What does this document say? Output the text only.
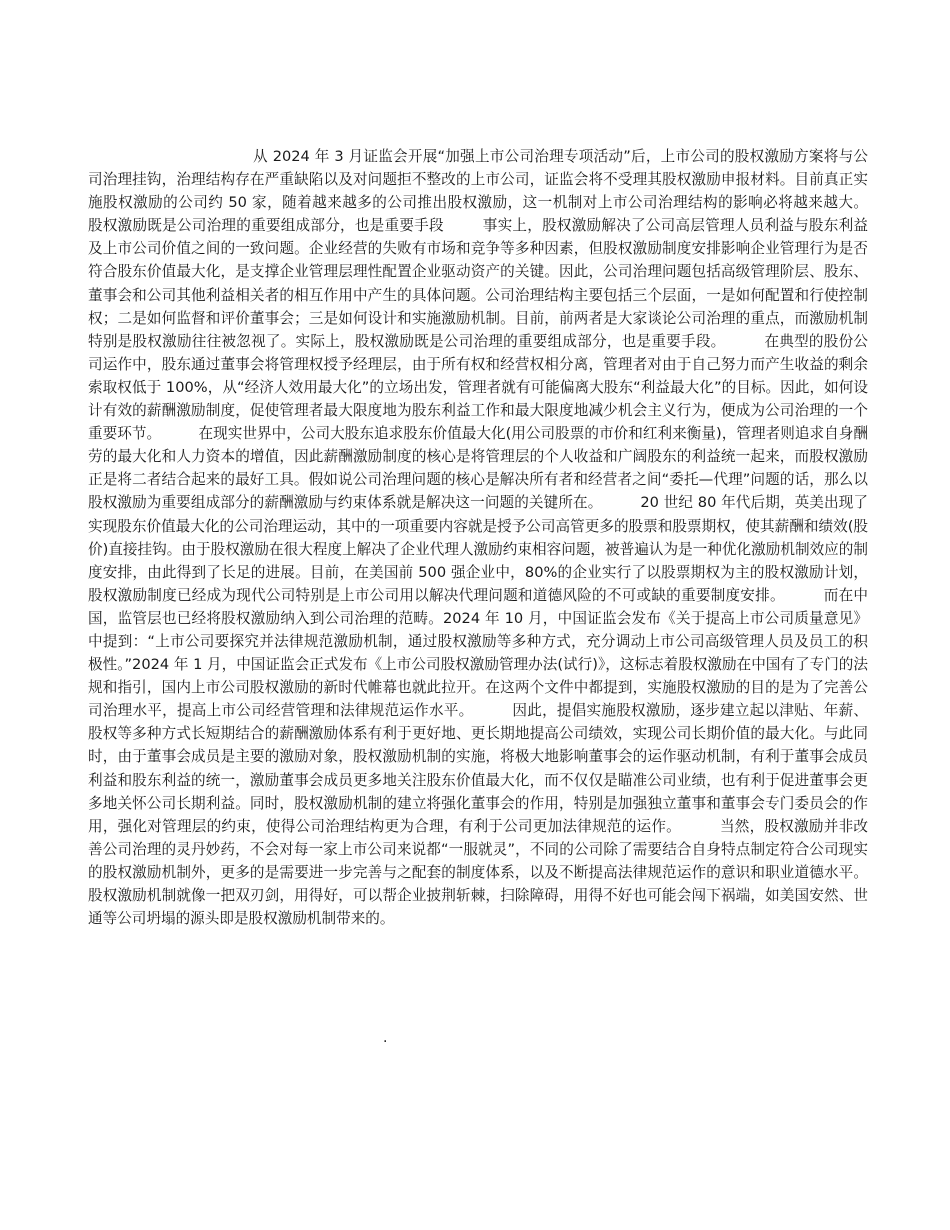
从 2024 年 3 月证监会开展“加强上市公司治理专项活动”后，上市公司的股权激励方案将与公司治理挂钩，治理结构存在严重缺陷以及对问题拒不整改的上市公司，证监会将不受理其股权激励申报材料。目前真正实施股权激励的公司约 50 家，随着越来越多的公司推出股权激励，这一机制对上市公司治理结构的影响必将越来越大。          股权激励既是公司治理的重要组成部分，也是重要手段        事实上，股权激励解决了公司高层管理人员利益与股东利益及上市公司价值之间的一致问题。企业经营的失败有市场和竞争等多种因素，但股权激励制度安排影响企业管理行为是否符合股东价值最大化，是支撑企业管理层理性配置企业驱动资产的关键。因此，公司治理问题包括高级管理阶层、股东、董事会和公司其他利益相关者的相互作用中产生的具体问题。公司治理结构主要包括三个层面，一是如何配置和行使控制权；二是如何监督和评价董事会；三是如何设计和实施激励机制。目前，前两者是大家谈论公司治理的重点，而激励机制特别是股权激励往往被忽视了。实际上，股权激励既是公司治理的重要组成部分，也是重要手段。        在典型的股份公司运作中，股东通过董事会将管理权授予经理层，由于所有权和经营权相分离，管理者对由于自己努力而产生收益的剩余索取权低于 100%，从“经济人效用最大化”的立场出发，管理者就有可能偏离大股东“利益最大化”的目标。因此，如何设计有效的薪酬激励制度，促使管理者最大限度地为股东利益工作和最大限度地减少机会主义行为，便成为公司治理的一个重要环节。        在现实世界中，公司大股东追求股东价值最大化(用公司股票的市价和红利来衡量)，管理者则追求自身酬劳的最大化和人力资本的增值，因此薪酬激励制度的核心是将管理层的个人收益和广阔股东的利益统一起来，而股权激励正是将二者结合起来的最好工具。假如说公司治理问题的核心是解决所有者和经营者之间“委托—代理”问题的话，那么以股权激励为重要组成部分的薪酬激励与约束体系就是解决这一问题的关键所在。        20 世纪 80 年代后期，英美出现了实现股东价值最大化的公司治理运动，其中的一项重要内容就是授予公司高管更多的股票和股票期权，使其薪酬和绩效(股价)直接挂钩。由于股权激励在很大程度上解决了企业代理人激励约束相容问题，被普遍认为是一种优化激励机制效应的制度安排，由此得到了长足的进展。目前，在美国前 500 强企业中，80%的企业实行了以股票期权为主的股权激励计划，股权激励制度已经成为现代公司特别是上市公司用以解决代理问题和道德风险的不可或缺的重要制度安排。        而在中国，监管层也已经将股权激励纳入到公司治理的范畴。2024 年 10 月，中国证监会发布《关于提高上市公司质量意见》中提到：“上市公司要探究并法律规范激励机制，通过股权激励等多种方式，充分调动上市公司高级管理人员及员工的积极性。”2024 年 1 月，中国证监会正式发布《上市公司股权激励管理办法(试行)》，这标志着股权激励在中国有了专门的法规和指引，国内上市公司股权激励的新时代帷幕也就此拉开。在这两个文件中都提到，实施股权激励的目的是为了完善公司治理水平，提高上市公司经营管理和法律规范运作水平。        因此，提倡实施股权激励，逐步建立起以津贴、年薪、股权等多种方式长短期结合的薪酬激励体系有利于更好地、更长期地提高公司绩效，实现公司长期价值的最大化。与此同时，由于董事会成员是主要的激励对象，股权激励机制的实施，将极大地影响董事会的运作驱动机制，有利于董事会成员利益和股东利益的统一，激励董事会成员更多地关注股东价值最大化，而不仅仅是瞄准公司业绩，也有利于促进董事会更多地关怀公司长期利益。同时，股权激励机制的建立将强化董事会的作用，特别是加强独立董事和董事会专门委员会的作用，强化对管理层的约束，使得公司治理结构更为合理，有利于公司更加法律规范的运作。        当然，股权激励并非改善公司治理的灵丹妙药，不会对每一家上市公司来说都“一服就灵”，不同的公司除了需要结合自身特点制定符合公司现实的股权激励机制外，更多的是需要进一步完善与之配套的制度体系，以及不断提高法律规范运作的意识和职业道德水平。股权激励机制就像一把双刃剑，用得好，可以帮企业披荆斩棘，扫除障碍，用得不好也可能会闯下祸端，如美国安然、世通等公司坍塌的源头即是股权激励机制带来的。

.
